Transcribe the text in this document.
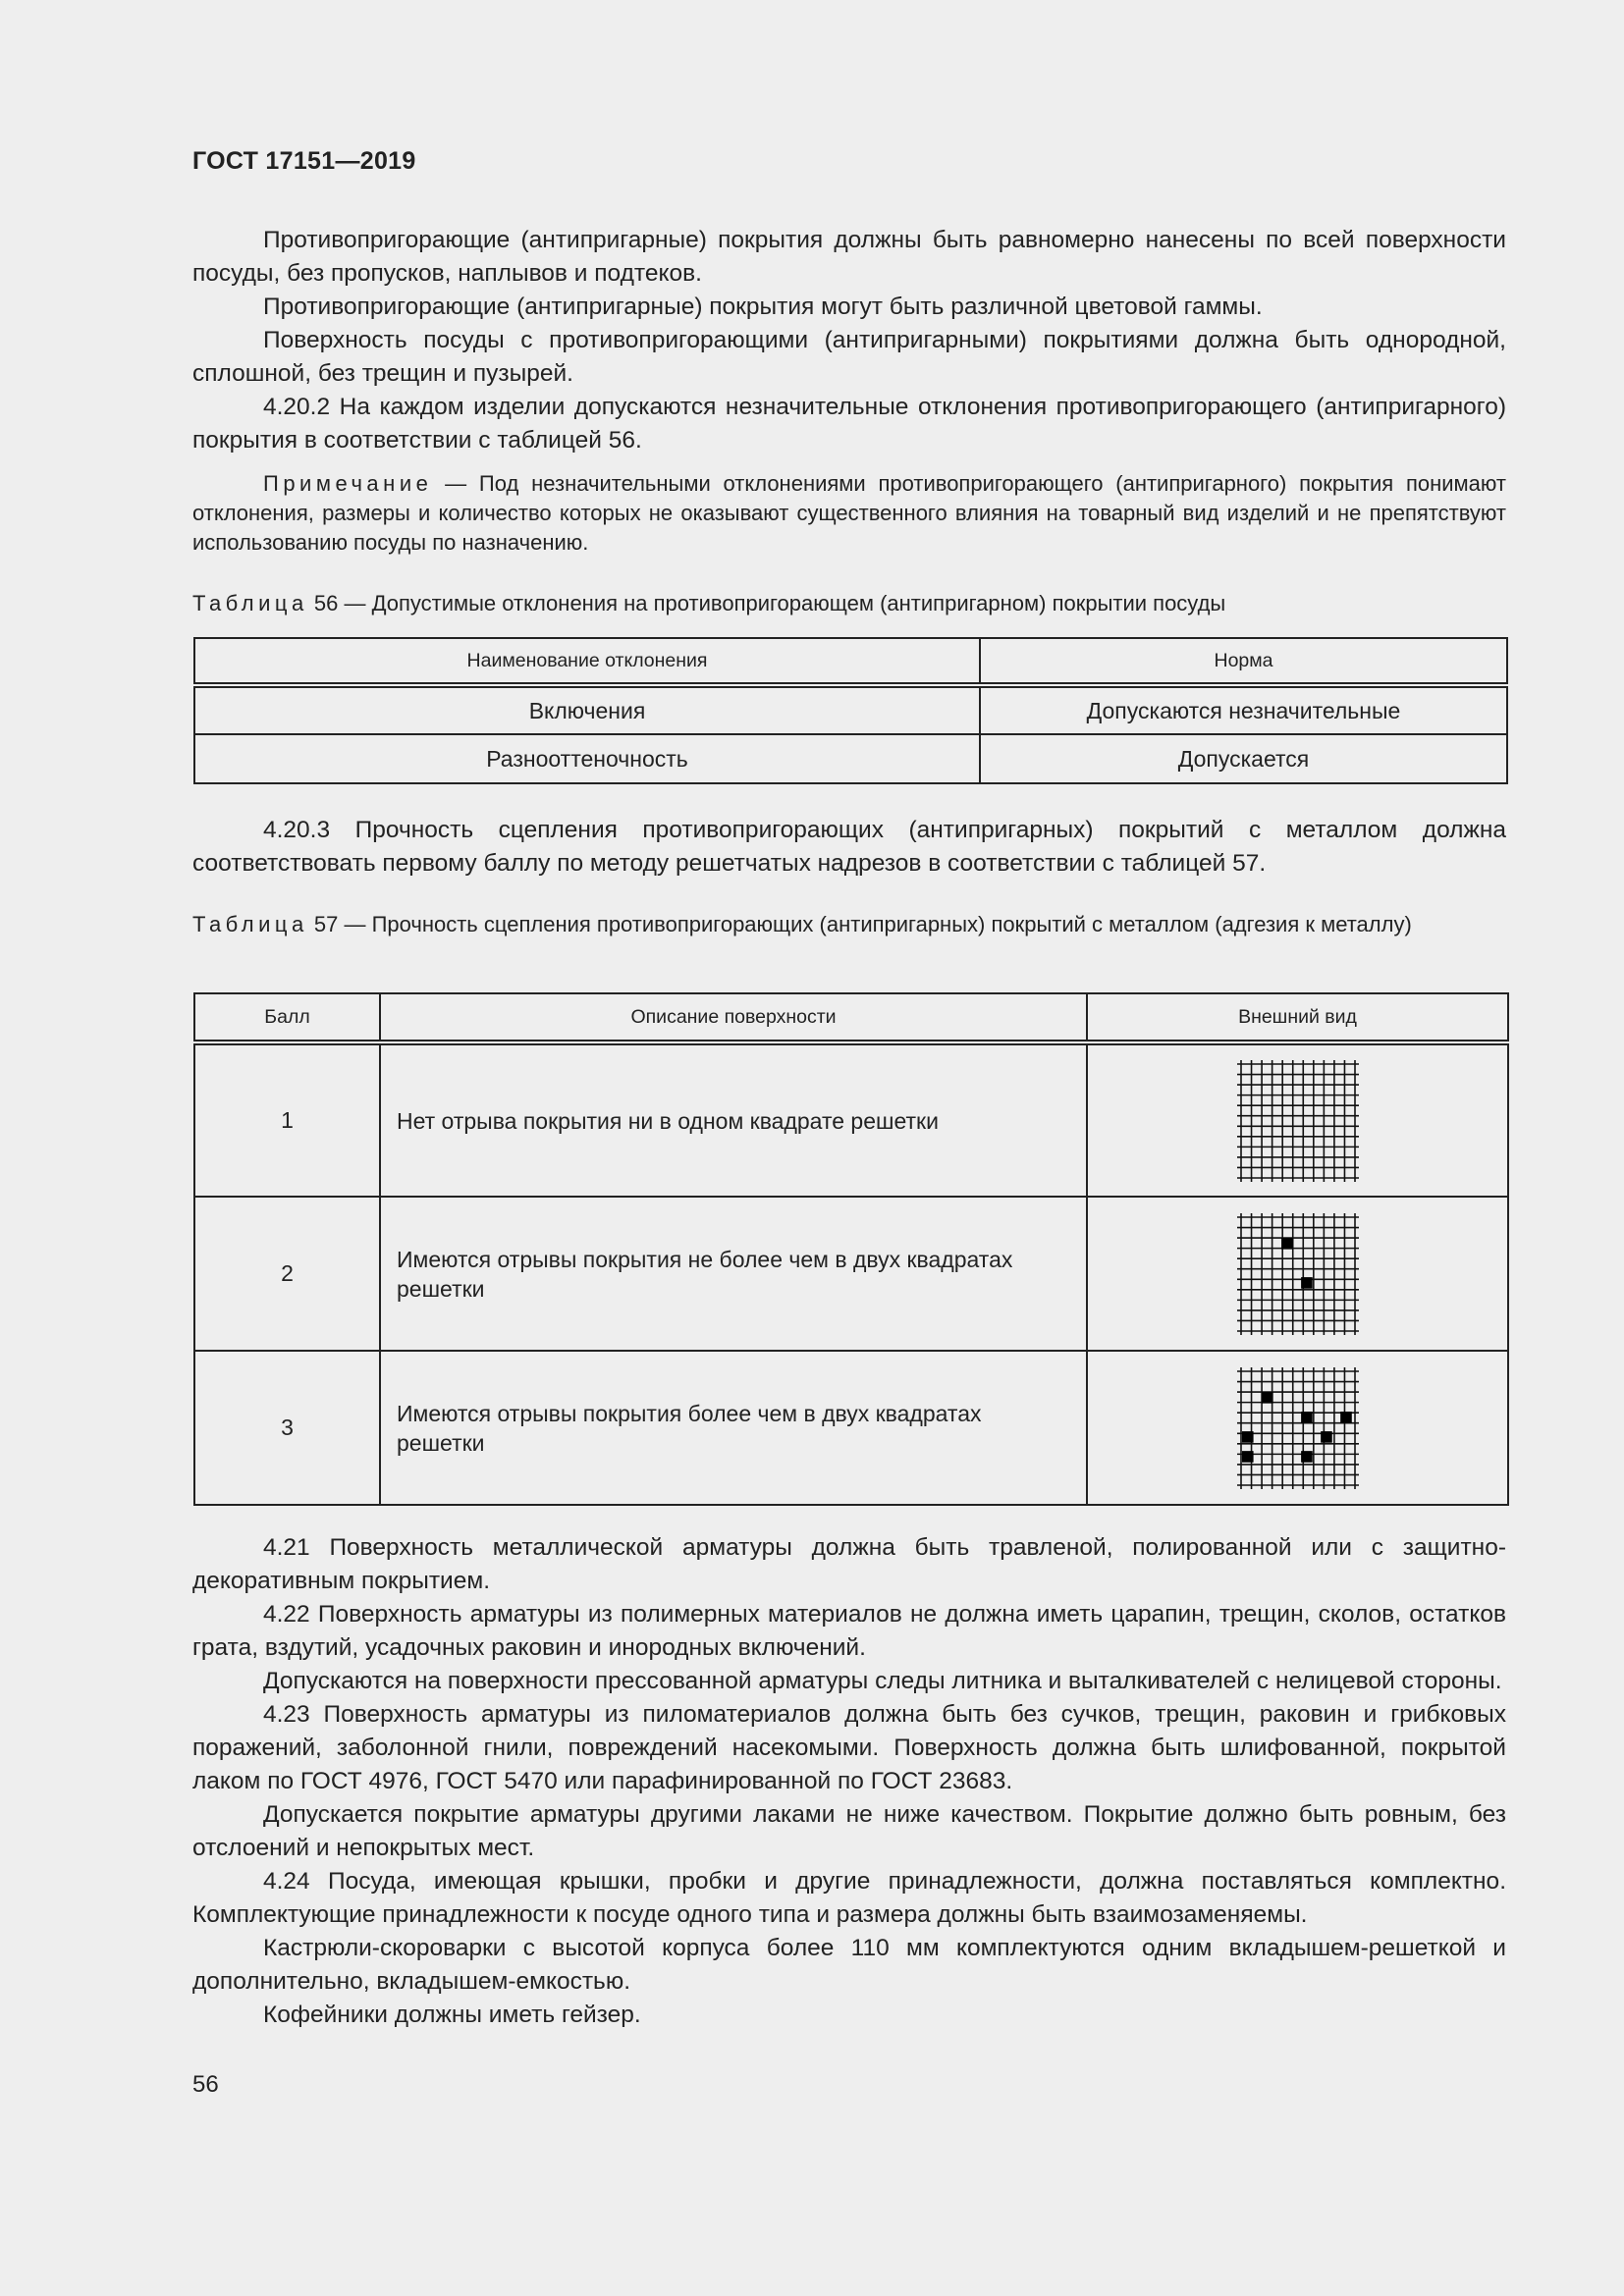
ГОСТ 17151—2019

Противопригорающие (антипригарные) покрытия должны быть равномерно нанесены по всей поверхности посуды, без пропусков, наплывов и подтеков.

Противопригорающие (антипригарные) покрытия могут быть различной цветовой гаммы.

Поверхность посуды с противопригорающими (антипригарными) покрытиями должна быть однородной, сплошной, без трещин и пузырей.

4.20.2 На каждом изделии допускаются незначительные отклонения противопригорающего (антипригарного) покрытия в соответствии с таблицей 56.

Примечание — Под незначительными отклонениями противопригорающего (антипригарного) покрытия понимают отклонения, размеры и количество которых не оказывают существенного влияния на товарный вид изделий и не препятствуют использованию посуды по назначению.

Таблица 56 — Допустимые отклонения на противопригорающем (антипригарном) покрытии посуды

Наименование отклонения	Норма
Включения	Допускаются незначительные
Разнооттеночность	Допускается

4.20.3 Прочность сцепления противопригорающих (антипригарных) покрытий с металлом должна соответствовать первому баллу по методу решетчатых надрезов в соответствии с таблицей 57.

Таблица 57 — Прочность сцепления противопригорающих (антипригарных) покрытий с металлом (адгезия к металлу)

Балл	Описание поверхности	Внешний вид
1	Нет отрыва покрытия ни в одном квадрате решетки	

2	Имеются отрывы покрытия не более чем в двух квадратах решетки	

3	Имеются отрывы покрытия более чем в двух квадратах решетки	

4.21 Поверхность металлической арматуры должна быть травленой, полированной или с защитно-декоративным покрытием.

4.22 Поверхность арматуры из полимерных материалов не должна иметь царапин, трещин, сколов, остатков грата, вздутий, усадочных раковин и инородных включений.

Допускаются на поверхности прессованной арматуры следы литника и выталкивателей с нелицевой стороны.

4.23 Поверхность арматуры из пиломатериалов должна быть без сучков, трещин, раковин и грибковых поражений, заболонной гнили, повреждений насекомыми. Поверхность должна быть шлифованной, покрытой лаком по ГОСТ 4976, ГОСТ 5470 или парафинированной по ГОСТ 23683.

Допускается покрытие арматуры другими лаками не ниже качеством. Покрытие должно быть ровным, без отслоений и непокрытых мест.

4.24 Посуда, имеющая крышки, пробки и другие принадлежности, должна поставляться комплектно. Комплектующие принадлежности к посуде одного типа и размера должны быть взаимозаменяемы.

Кастрюли-скороварки с высотой корпуса более 110 мм комплектуются одним вкладышем-решеткой и дополнительно, вкладышем-емкостью.

Кофейники должны иметь гейзер.

56
